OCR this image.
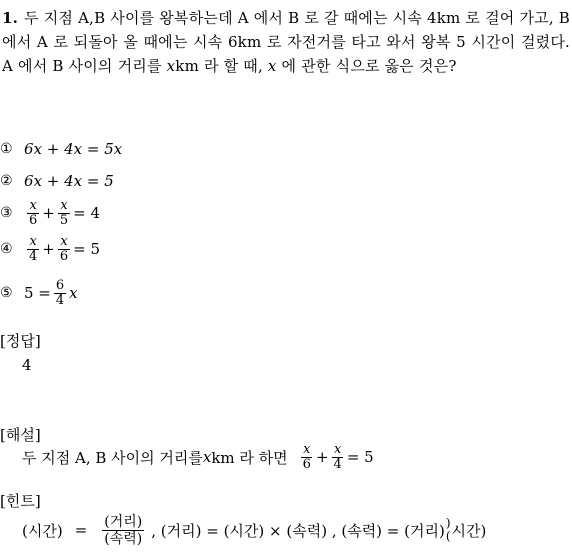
1. 두 지점 A,B 사이를 왕복하는데 A 에서 B 로 갈 때에는 시속 4km 로 걸어 가고, B 에서 A 로 되돌아 올 때에는 시속 6km 로 자전거를 타고 와서 왕복 5 시간이 걸렸다. A 에서 B 사이의 거리를 xkm 라 할 때, x 에 관한 식으로 옳은 것은?
① 6x + 4x = 5x
② 6x + 4x = 5
③	$\frac{x}{6} + \frac{x}{5} = 4$
④	$\frac{x}{4} + \frac{x}{6} = 5$
⑤ $5 = \frac{6}{4}$ x
[정답]
4
[해설]
두 지점 A, B 사이의 거리를 x km 라 하면 $\frac{x}{6} + \frac{x}{4} = 5$
[힌트]
(시간) = $\frac{\text{(거리)}}{\text{(속력)}}$ , (거리) = (시간) × (속력) , (속력) = (거리) )
( 시간)
